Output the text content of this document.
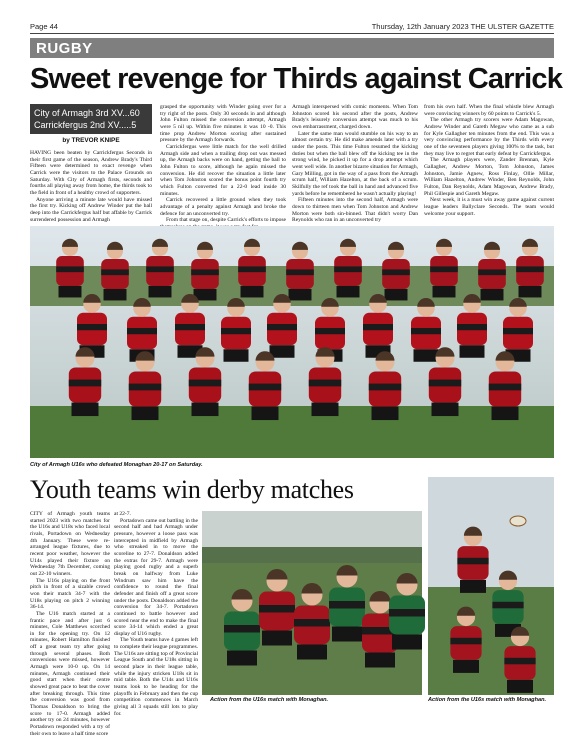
Page 44	Thursday, 12th January 2023 THE ULSTER GAZETTE
RUGBY
Sweet revenge for Thirds against Carrick
City of Armagh 3rd XV...60
Carrickfergus 2nd XV.....5
by TREVOR KNIPE

HAVING been beaten by Carrickfergus Seconds in their first game of the season, Andrew Brady's Third Fifteen were determined to exact revenge when Carrick were the visitors to the Palace Grounds on Saturday. With City of Armagh firsts, seconds and fourths all playing away from home, the thirds took to the field in front of a healthy crowd of supporters.

Anyone arriving a minute late would have missed the first try. Kicking off Andrew Winder put the ball deep into the Carrickfergus half but affable by Carrick surrendered possession and Armagh

grasped the opportunity with Winder going over for a try right of the posts. Only 30 seconds in and although John Fulton missed the conversion attempt, Armagh were 5 nil up. Within five minutes it was 10 -0. This time prop Andrew Morton scoring after sustained pressure by the Armagh forwards.

Carrickfergus were little match for the well drilled Armagh side and when a trailing drop out was messed up, the Armagh backs were on hand, getting the ball to John Fulton to score, although he again missed the conversion. He did recover the situation a little later when Tom Johnston scored the bonus point fourth try which Fulton converted for a 22-0 lead inside 30 minutes.

Carrick recovered a little ground when they took advantage of a penalty against Armagh and broke the defence for an unconverted try.

From that stage on, despite Carrick's efforts to impose

Armagh interspersed with comic moments. When Tom Johnston scored his second after the posts, Andrew Brady's leisurely conversion attempt was much to his own embarrassment, charged down.

Later the same man would stumble on his way to an almost certain try. He did make amends later with a try under the posts. This time Fulton resumed the kicking duties but when the ball blew off the kicking tee in the strong wind, he picked it up for a drop attempt which went well wide. In another bizarre situation for Armagh, Gary Milling, got in the way of a pass from the Armagh scrum half, William Hazelton, at the back of a scrum. Skilfully the ref took the ball in hand and advanced five yards before he remembered he wasn't actually playing!

Fifteen minutes into the second half, Armagh were down to thirteen men when Tom Johnston and Andrew Morton were both sin-binned. That didn't worry Dan Reynolds who ran in an unconverted try

from his own half. When the final whistle blew Armagh were convincing winners by 60 points to Carrick's 5.

The other Armagh try scorers were Adam Magowan, Andrew Winder and Gareth Megaw who came as a sub for Kyle Gallagher ten minutes from the end. This was a very convincing performance by the Thirds with every one of the seventeen players giving 100% to the task, but they may live to regret that early defeat by Carrickfergus.

The Armagh players were, Zander Brennan, Kyle Gallagher, Andrew Morton, Tom Johnston, James Johnston, Jamie Agnew, Ross Finlay, Ollie Millar, William Hazelton, Andrew Winder, Ben Reynolds, John Fulton, Dan Reynolds, Adam Magowan, Andrew Brady, Phil Gillespie and Gareth Megaw.

Next week, it is a must win away game against current league leaders Ballyclare Seconds. The team would welcome your support.

City of Armagh U16s who defeated Monaghan 20-17 on Saturday.
Youth teams win derby matches

CITY of Armagh youth teams started 2023 with two matches for the U16s and U18s who faced local rivals, Portadown on Wednesday 4th January. These were re-arranged league fixtures, due to recent poor weather, however the U14s played their fixture on Wednesday 7th December, coming out 22-10 winners.

The U16s playing on the front pitch in front of a sizable crowd won their match 34-7 with the U18s playing on pitch 2 winning 36-14.

The U16 match started at a frantic pace and after just 6 minutes, Cole Matthews scorched in for the opening try. On 12 minutes, Robert Hamilton finished off a great team try after going through several phases. Both conversions were missed, however Armagh were 10-0 up. On 14 minutes, Armagh continued their good start when their centre showed great pace to beat the cover after breaking through. This time the conversion was good from Thomas Donaldson to bring the score to 17-0. Armagh added another try on 24 minutes, however Portadown responded with a try of their own to leave a half time score

at 22-7.

Portadown came out battling in the second half and had Armagh under pressure, however a loose pass was intercepted in midfield by Armagh who streaked in to move the scoreline to 27-7. Donaldson added the extras for 29-7. Armagh were playing good rugby and a superb break on halfway from Luke Windrum saw him have the confidence to round the final defender and finish off a great score under the posts. Donaldson added the conversion for 34-7. Portadown continued to battle however and scored near the end to make the final score 34-14 which ended a great display of U16 rugby.

The Youth teams have 4 games left to complete their league programmes. The U16s are sitting top of Provincial League South and the U18s sitting in second place in their league table, while the injury stricken U18s sit in mid table. Both the U14s and U16s teams look to be heading for the playoffs in February and then the cup competition commences in March giving all 3 squads still lots to play for.

Action from the U16s match with Monaghan.	Action from the U16s match with Monaghan.
